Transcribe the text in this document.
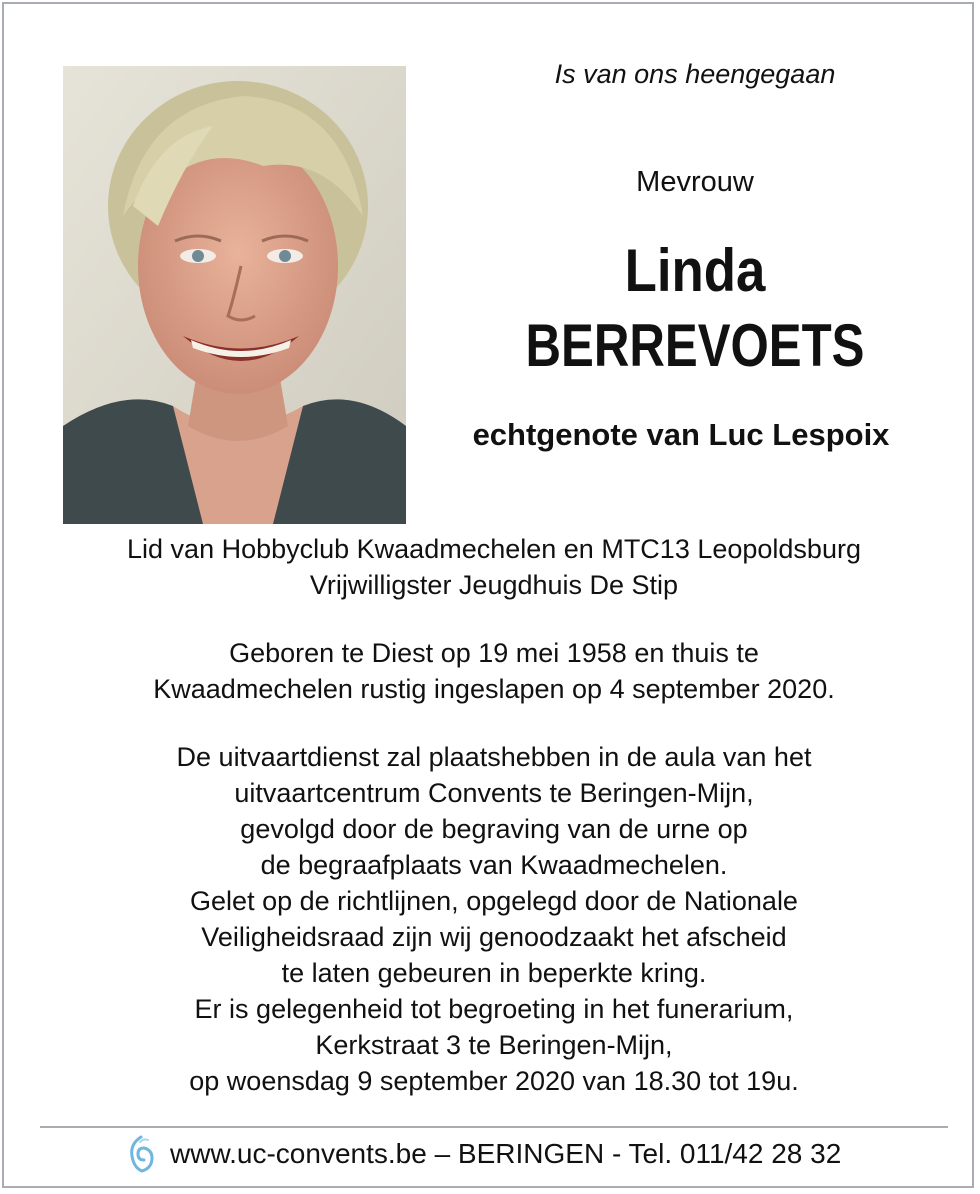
Is van ons heengegaan
Mevrouw
Linda
BERREVOETS
echtgenote van Luc Lespoix
Lid van Hobbyclub Kwaadmechelen en MTC13 Leopoldsburg
Vrijwilligster Jeugdhuis De Stip
Geboren te Diest op 19 mei 1958 en thuis te
Kwaadmechelen rustig ingeslapen op 4 september 2020.
De uitvaartdienst zal plaatshebben in de aula van het
uitvaartcentrum Convents te Beringen-Mijn,
gevolgd door de begraving van de urne op
de begraafplaats van Kwaadmechelen.
Gelet op de richtlijnen, opgelegd door de Nationale
Veiligheidsraad zijn wij genoodzaakt het afscheid
te laten gebeuren in beperkte kring.
Er is gelegenheid tot begroeting in het funerarium,
Kerkstraat 3 te Beringen-Mijn,
op woensdag 9 september 2020 van 18.30 tot 19u.
www.uc-convents.be – BERINGEN - Tel. 011/42 28 32
